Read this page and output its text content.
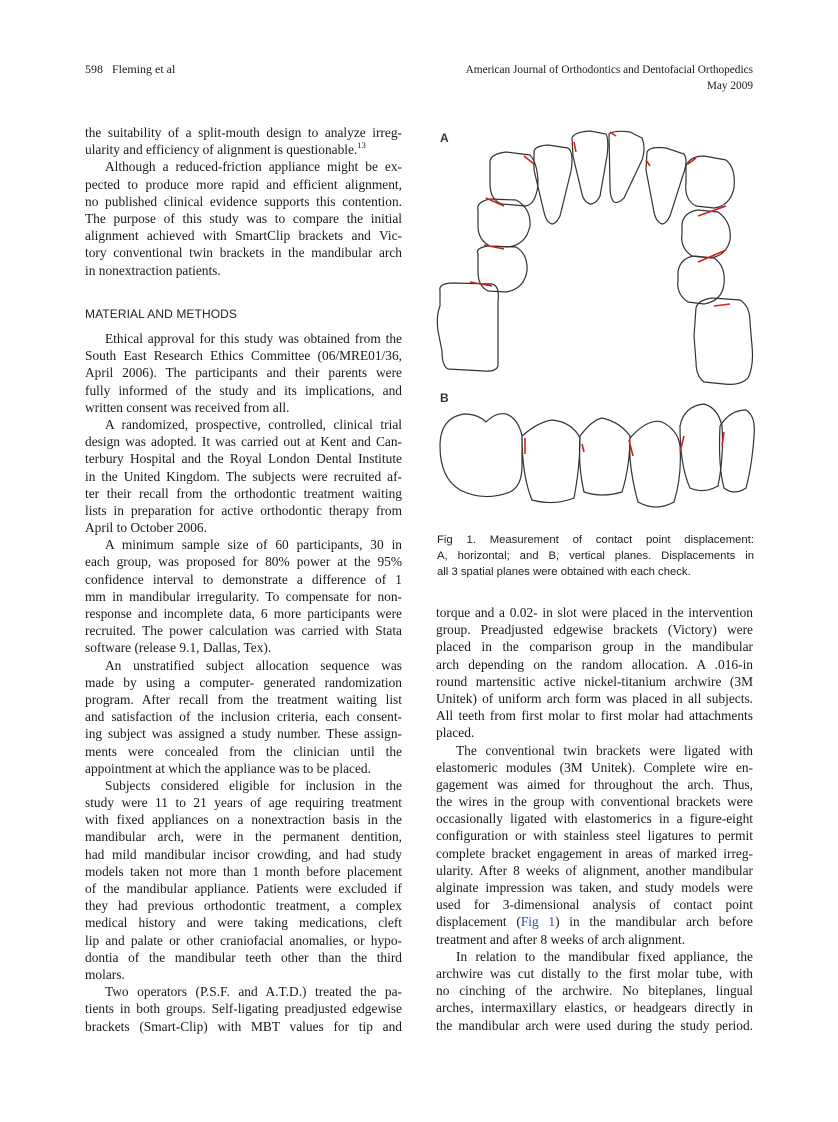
598 Fleming et al	American Journal of Orthodontics and Dentofacial Orthopedics
May 2009
the suitability of a split-mouth design to analyze irreg-
ularity and efficiency of alignment is questionable.$^{13}$
Although a reduced-friction appliance might be ex-
pected to produce more rapid and efficient alignment,
no published clinical evidence supports this contention.
The purpose of this study was to compare the initial
alignment achieved with SmartClip brackets and Vic-
tory conventional twin brackets in the mandibular arch
in nonextraction patients.
MATERIAL AND METHODS
Ethical approval for this study was obtained from the
South East Research Ethics Committee (06/MRE01/36,
April 2006). The participants and their parents were
fully informed of the study and its implications, and
written consent was received from all.
A randomized, prospective, controlled, clinical trial
design was adopted. It was carried out at Kent and Can-
terbury Hospital and the Royal London Dental Institute
in the United Kingdom. The subjects were recruited af-
ter their recall from the orthodontic treatment waiting
lists in preparation for active orthodontic therapy from
April to October 2006.
A minimum sample size of 60 participants, 30 in
each group, was proposed for 80% power at the 95%
confidence interval to demonstrate a difference of 1
mm in mandibular irregularity. To compensate for non-
response and incomplete data, 6 more participants were
recruited. The power calculation was carried with Stata
software (release 9.1, Dallas, Tex).
An unstratified subject allocation sequence was
made by using a computer- generated randomization
program. After recall from the treatment waiting list
and satisfaction of the inclusion criteria, each consent-
ing subject was assigned a study number. These assign-
ments were concealed from the clinician until the
appointment at which the appliance was to be placed.
Subjects considered eligible for inclusion in the
study were 11 to 21 years of age requiring treatment
with fixed appliances on a nonextraction basis in the
mandibular arch, were in the permanent dentition,
had mild mandibular incisor crowding, and had study
models taken not more than 1 month before placement
of the mandibular appliance. Patients were excluded if
they had previous orthodontic treatment, a complex
medical history and were taking medications, cleft
lip and palate or other craniofacial anomalies, or hypo-
dontia of the mandibular teeth other than the third
molars.
Two operators (P.S.F. and A.T.D.) treated the pa-
tients in both groups. Self-ligating preadjusted edgewise
brackets (Smart-Clip) with MBT values for tip and
A
B
Fig 1. Measurement of contact point displacement:
A, horizontal; and B, vertical planes. Displacements in
all 3 spatial planes were obtained with each check.
torque and a 0.02- in slot were placed in the intervention
group. Preadjusted edgewise brackets (Victory) were
placed in the comparison group in the mandibular
arch depending on the random allocation. A .016-in
round martensitic active nickel-titanium archwire (3M
Unitek) of uniform arch form was placed in all subjects.
All teeth from first molar to first molar had attachments
placed.
The conventional twin brackets were ligated with
elastomeric modules (3M Unitek). Complete wire en-
gagement was aimed for throughout the arch. Thus,
the wires in the group with conventional brackets were
occasionally ligated with elastomerics in a figure-eight
configuration or with stainless steel ligatures to permit
complete bracket engagement in areas of marked irreg-
ularity. After 8 weeks of alignment, another mandibular
alginate impression was taken, and study models were
used for 3-dimensional analysis of contact point
displacement (Fig 1) in the mandibular arch before
treatment and after 8 weeks of arch alignment.
In relation to the mandibular fixed appliance, the
archwire was cut distally to the first molar tube, with
no cinching of the archwire. No biteplanes, lingual
arches, intermaxillary elastics, or headgears directly in
the mandibular arch were used during the study period.
